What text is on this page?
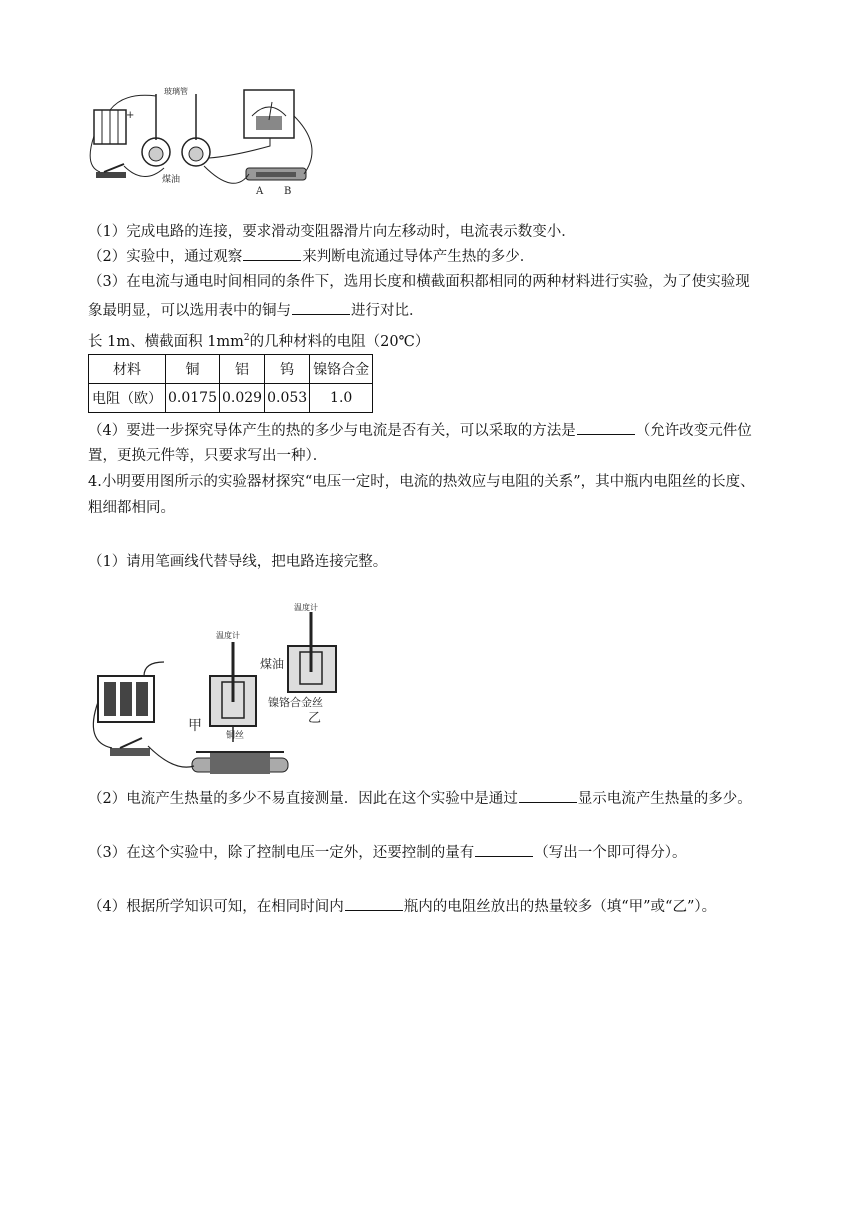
+
玻璃管
煤油
A B
（1）完成电路的连接，要求滑动变阻器滑片向左移动时，电流表示数变小．
（2）实验中，通过观察	来判断电流通过导体产生热的多少．
（3）在电流与通电时间相同的条件下，选用长度和横截面积都相同的两种材料进行实验，为了使实验现
象最明显，可以选用表中的铜与	进行对比．
长 1m、横截面积 $1mm^2$的几种材料的电阻（20℃）
材料	铜	铝	钨	镍铬合金
电阻（欧）	0.0175	0.029	0.053	1.0
（4）要进一步探究导体产生的热的多少与电流是否有关，可以采取的方法是	（允许改变元件位
置，更换元件等，只要求写出一种）．
4.小明要用图所示的实验器材探究“电压一定时，电流的热效应与电阻的关系”，其中瓶内电阻丝的长度、
粗细都相同。
（1）请用笔画线代替导线，把电路连接完整。
温度计
温度计
煤油
镍铬合金丝
乙
甲
铜丝
（2）电流产生热量的多少不易直接测量．因此在这个实验中是通过	显示电流产生热量的多少。
（3）在这个实验中，除了控制电压一定外，还要控制的量有	（写出一个即可得分）。
（4）根据所学知识可知，在相同时间内	瓶内的电阻丝放出的热量较多（填“甲”或“乙”）。
